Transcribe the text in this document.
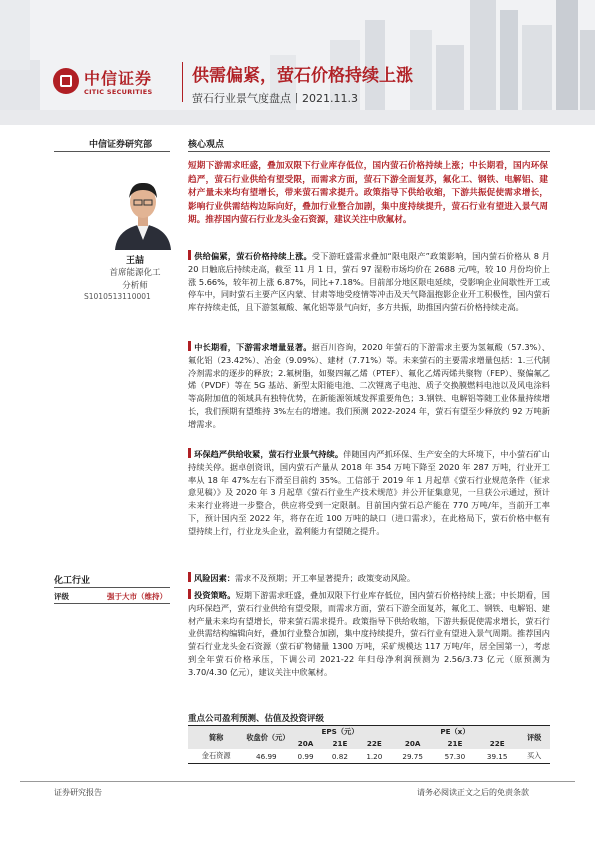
中信证券
CITIC SECURITIES
供需偏紧，萤石价格持续上涨
萤石行业景气度盘点丨2021.11.3
中信证券研究部
王喆
首席能源化工
分析师
S1010513110001
化工行业
评级	强于大市（维持）
核心观点
短期下游需求旺盛，叠加双限下行业库存低位，国内萤石价格持续上涨；中长期看，国内环保趋严，萤石行业供给有望受限，而需求方面，萤石下游全面复苏，氟化工、钢铁、电解铝、建材产量未来均有望增长，带来萤石需求提升。政策指导下供给收缩，下游共振促使需求增长，影响行业供需结构边际向好，叠加行业整合加剧，集中度持续提升，萤石行业有望进入景气周期。推荐国内萤石行业龙头金石资源，建议关注中欣氟材。
供给偏紧，萤石价格持续上涨。受下游旺盛需求叠加“限电限产”政策影响，国内萤石价格从 8 月 20 日触底后持续走高，截至 11 月 1 日，萤石 97 湿粉市场均价在 2688 元/吨，较 10 月份均价上涨 5.66%，较年初上涨 6.87%，同比+7.18%。目前部分地区限电延续，受影响企业间歇性开工或停车中，同时萤石主要产区内蒙、甘肃等地受疫情等冲击及天气降温抱影企业开工积极性，国内萤石库存持续走低，且下游氢氟酸、氟化铝等景气向好，多方共振，助推国内萤石价格持续走高。
中长期看，下游需求增量显著。据百川咨询，2020 年萤石的下游需求主要为氢氟酸（57.3%）、氟化铝（23.42%）、冶金（9.09%）、建材（7.71%）等。未来萤石的主要需求增量包括：1.三代制冷剂需求的逐步的释放；2.氟树脂，如聚四氟乙烯（PTEF）、氟化乙烯丙烯共聚物（FEP）、聚偏氟乙烯（PVDF）等在 5G 基站、新型太阳能电池、二次锂离子电池、质子交换膜燃料电池以及风电涂料等高附加值的领域具有独特优势，在新能源领域发挥重要角色；3.钢铁、电解铝等随工业体量持续增长，我们预期有望维持 3%左右的增速。我们预测 2022-2024 年，萤石有望至少释放约 92 万吨新增需求。
环保趋严供给收紧，萤石行业景气持续。伴随国内严抓环保、生产安全的大环境下，中小萤石矿山持续关停。据卓创资讯，国内萤石产量从 2018 年 354 万吨下降至 2020 年 287 万吨，行业开工率从 18 年 47%左右下滑至目前约 35%。工信部于 2019 年 1 月起草《萤石行业规范条件（征求意见稿）》及 2020 年 3 月起草《萤石行业生产技术规范》并公开征集意见，一旦获公示通过，预计未来行业将进一步整合，供应将受到一定限制。目前国内萤石总产能在 770 万吨/年，当前开工率下，预计国内至 2022 年，将存在近 100 万吨的缺口（进口需求），在此格局下，萤石价格中枢有望持续上行，行业龙头企业，盈利能力有望随之提升。
风险因素：需求不及预期；开工率显著提升；政策变动风险。
投资策略。短期下游需求旺盛，叠加双限下行业库存低位，国内萤石价格持续上涨；中长期看，国内环保趋严，萤石行业供给有望受限，而需求方面，萤石下游全面复苏，氟化工、钢铁、电解铝、建材产量未来均有望增长，带来萤石需求提升。政策指导下供给收缩，下游共振促使需求增长，萤石行业供需结构编辑向好，叠加行业整合加剧，集中度持续提升，萤石行业有望进入景气周期。推荐国内萤石行业龙头金石资源（萤石矿物储量 1300 万吨，采矿规模达 117 万吨/年，居全国第一），考虑到全年萤石价格承压，下调公司 2021-22 年归母净利润预测为 2.56/3.73 亿元（原预测为 3.70/4.30 亿元），建议关注中欣氟材。
重点公司盈利预测、估值及投资评级
简称	收盘价（元）	EPS（元）			PE（x）			评级
		20A	21E	22E	20A	21E	22E	
金石资源	46.99	0.99	0.82	1.20	29.75	57.30	39.15	买入
证券研究报告	请务必阅读正文之后的免责条款
